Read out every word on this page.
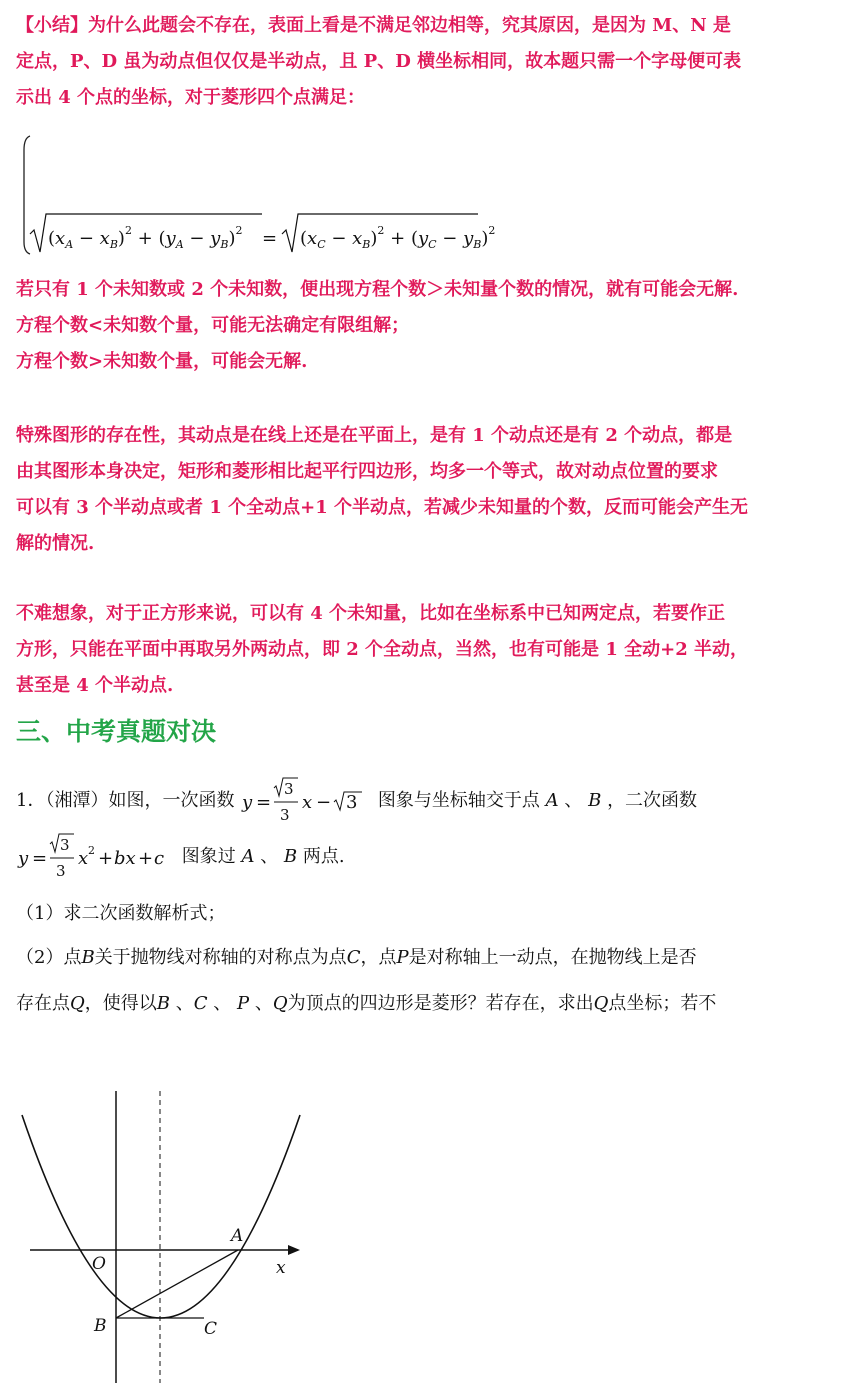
【小结】为什么此题会不存在，表面上看是不满足邻边相等，究其原因，是因为 M、N 是

定点，P、D 虽为动点但仅仅是半动点，且 P、D 横坐标相同，故本题只需一个字母便可表

示出 4 个点的坐标，对于菱形四个点满足：

$(x_A - x_B)^2 + (y_A - y_B)^2 = (x_C - x_B)^2 + (y_C - y_B)^2$

若只有 1 个未知数或 2 个未知数，便出现方程个数＞未知量个数的情况，就有可能会无解.

方程个数<未知数个量，可能无法确定有限组解；

方程个数>未知数个量，可能会无解.

特殊图形的存在性，其动点是在线上还是在平面上，是有 1 个动点还是有 2 个动点，都是

由其图形本身决定，矩形和菱形相比起平行四边形，均多一个等式，故对动点位置的要求

可以有 3 个半动点或者 1 个全动点+1 个半动点，若减少未知量的个数，反而可能会产生无

解的情况.

不难想象，对于正方形来说，可以有 4 个未知量，比如在坐标系中已知两定点，若要作正

方形，只能在平面中再取另外两动点，即 2 个全动点，当然，也有可能是 1 全动+2 半动，

甚至是 4 个半动点.

三、中考真题对决
1．（湘潭）如图，一次函数 y =
3
3
x − 3 图象与坐标轴交于点 A 、 B ，二次函数
y =
3
3
x 2 + bx + c 图象过 A 、 B 两点.
（1）求二次函数解析式；
（2）点B关于抛物线对称轴的对称点为点C，点P是对称轴上一动点，在抛物线上是否
存在点Q，使得以B 、C 、 P 、Q为顶点的四边形是菱形？若存在，求出Q点坐标；若不
O
A
B	C
x
